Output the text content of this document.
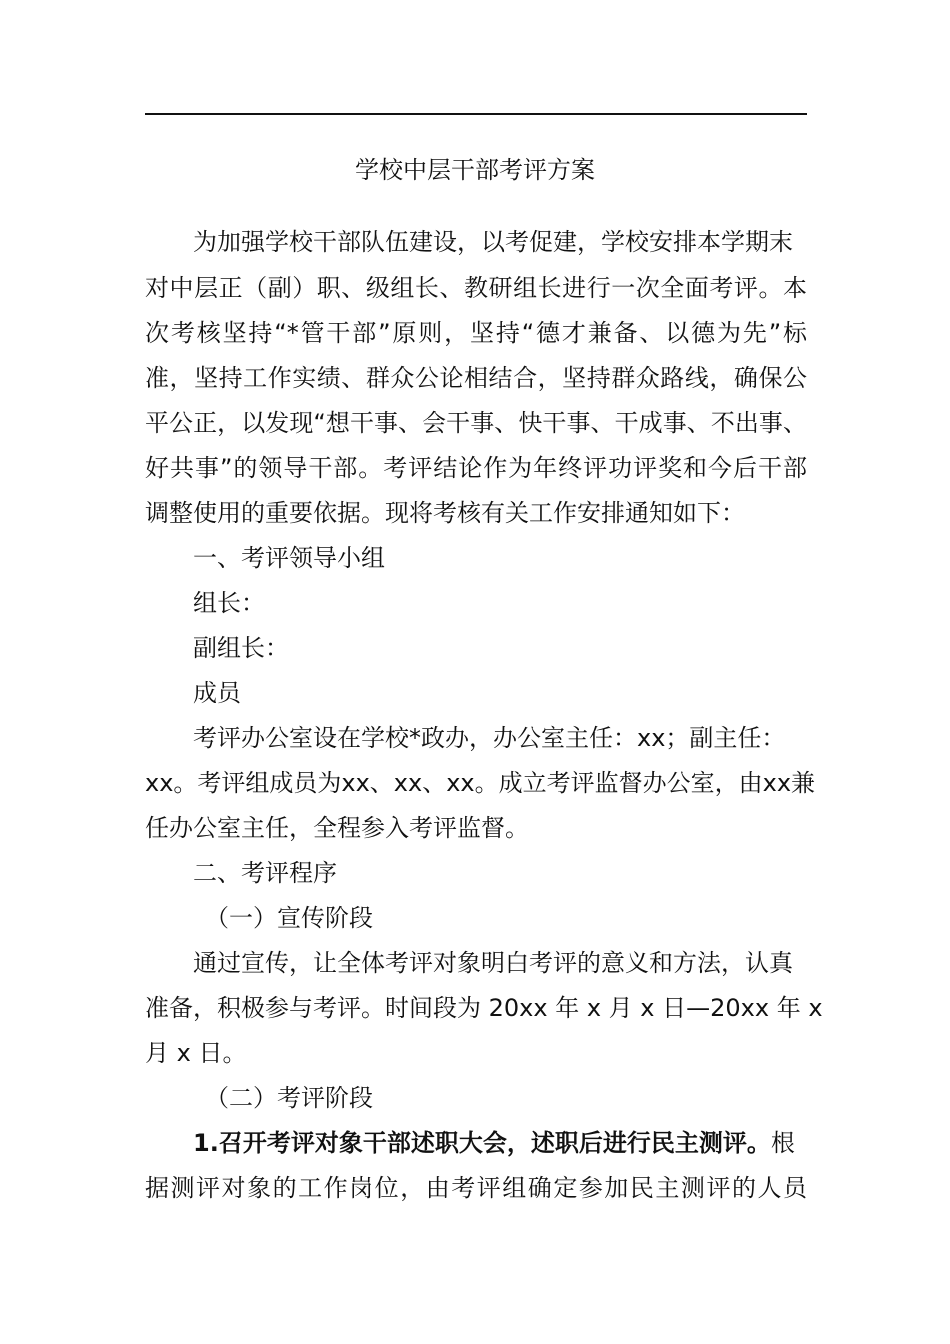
学校中层干部考评方案
为加强学校干部队伍建设，以考促建，学校安排本学期末
对中层正（副）职、级组长、教研组长进行一次全面考评。本
次考核坚持“*管干部”原则，坚持“德才兼备、以德为先”标
准，坚持工作实绩、群众公论相结合，坚持群众路线，确保公
平公正，以发现“想干事、会干事、快干事、干成事、不出事、
好共事”的领导干部。考评结论作为年终评功评奖和今后干部
调整使用的重要依据。现将考核有关工作安排通知如下：
一、考评领导小组
组长：
副组长：
成员
考评办公室设在学校*政办，办公室主任：xx；副主任：
xx。考评组成员为xx、xx、xx。成立考评监督办公室，由xx兼
任办公室主任，全程参入考评监督。
二、考评程序
（一）宣传阶段
通过宣传，让全体考评对象明白考评的意义和方法，认真
准备，积极参与考评。时间段为 20xx 年 x 月 x 日—20xx 年 x
月 x 日。
（二）考评阶段
1.召开考评对象干部述职大会，述职后进行民主测评。根
据测评对象的工作岗位，由考评组确定参加民主测评的人员
